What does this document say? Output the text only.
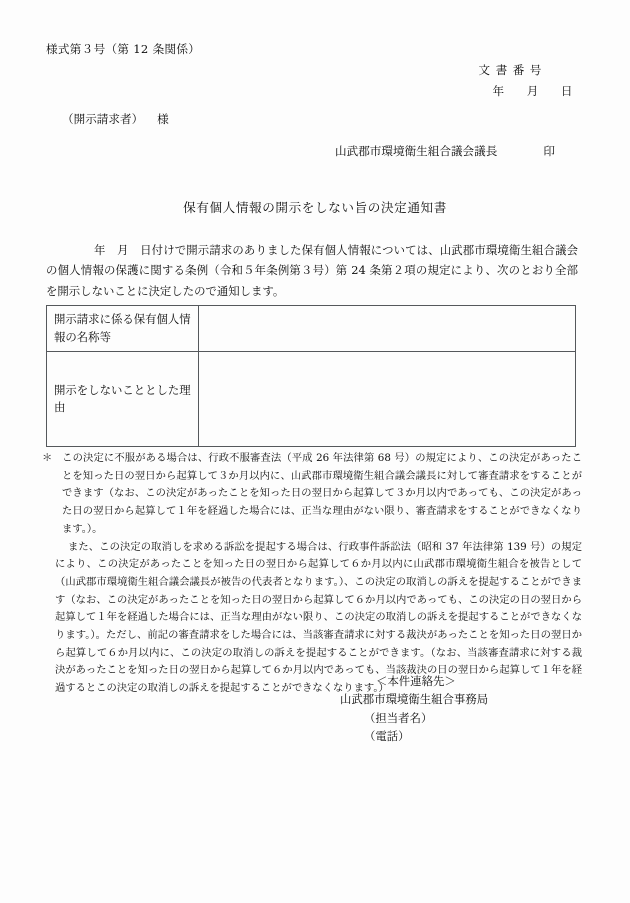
様式第３号（第 12 条関係）
文書番号
年　月　日
（開示請求者） 様
山武郡市環境衛生組合議会議長	印
保有個人情報の開示をしない旨の決定通知書
年　月　日付けで開示請求のありました保有個人情報については、山武郡市環境衛生組合議会の個人情報の保護に関する条例（令和５年条例第３号）第 24 条第２項の規定により、次のとおり全部を開示しないことに決定したので通知します。
開示請求に係る保有個人情報の名称等	
開示をしないこととした理由	

＊ この決定に不服がある場合は、行政不服審査法（平成 26 年法律第 68 号）の規定により、この決定があったことを知った日の翌日から起算して３か月以内に、山武郡市環境衛生組合議会議長に対して審査請求をすることができます（なお、この決定があったことを知った日の翌日から起算して３か月以内であっても、この決定があった日の翌日から起算して１年を経過した場合には、正当な理由がない限り、審査請求をすることができなくなります。）。

また、この決定の取消しを求める訴訟を提起する場合は、行政事件訴訟法（昭和 37 年法律第 139 号）の規定により、この決定があったことを知った日の翌日から起算して６か月以内に山武郡市環境衛生組合を被告として（山武郡市環境衛生組合議会議長が被告の代表者となります。）、この決定の取消しの訴えを提起することができます（なお、この決定があったことを知った日の翌日から起算して６か月以内であっても、この決定の日の翌日から起算して１年を経過した場合には、正当な理由がない限り、この決定の取消しの訴えを提起することができなくなります。）。ただし、前記の審査請求をした場合には、当該審査請求に対する裁決があったことを知った日の翌日から起算して６か月以内に、この決定の取消しの訴えを提起することができます。（なお、当該審査請求に対する裁決があったことを知った日の翌日から起算して６か月以内であっても、当該裁決の日の翌日から起算して１年を経過するとこの決定の取消しの訴えを提起することができなくなります。）

＜本件連絡先＞
山武郡市環境衛生組合事務局
（担当者名）
（電話）
